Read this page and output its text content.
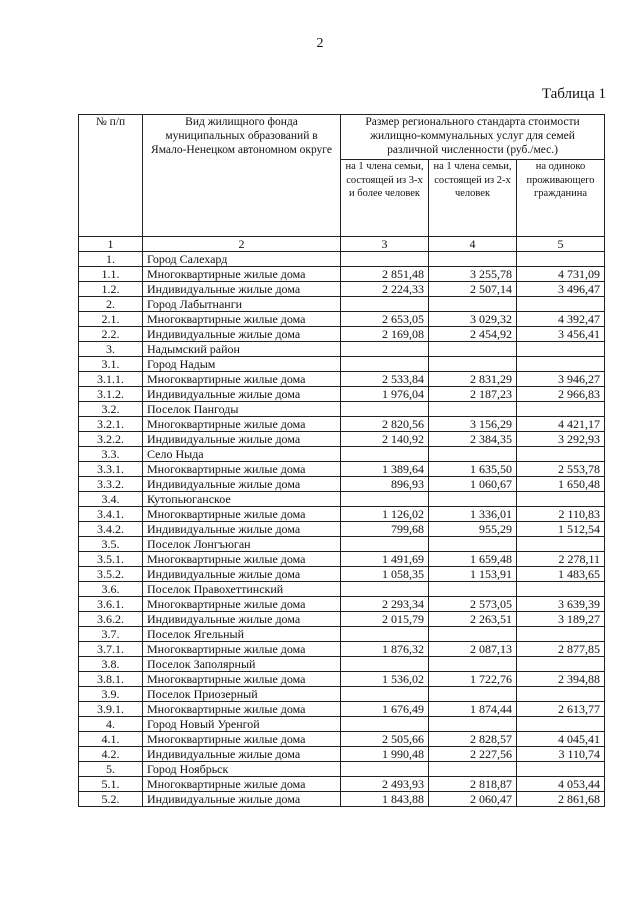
2
Таблица 1
№ п/п	Вид жилищного фонда муниципальных образований в Ямало-Ненецком автономном округе	Размер регионального стандарта стоимости жилищно-коммунальных услуг для семей различной численности (руб./мес.)		
		на 1 члена семьи, состоящей из 3-х и более человек	на 1 члена семьи, состоящей из 2-х человек	на одиноко проживающего гражданина
1	2	3	4	5
1.	Город Салехард			
1.1.	Многоквартирные жилые дома	2 851,48	3 255,78	4 731,09
1.2.	Индивидуальные жилые дома	2 224,33	2 507,14	3 496,47
2.	Город Лабытнанги			
2.1.	Многоквартирные жилые дома	2 653,05	3 029,32	4 392,47
2.2.	Индивидуальные жилые дома	2 169,08	2 454,92	3 456,41
3.	Надымский район			
3.1.	Город Надым			
3.1.1.	Многоквартирные жилые дома	2 533,84	2 831,29	3 946,27
3.1.2.	Индивидуальные жилые дома	1 976,04	2 187,23	2 966,83
3.2.	Поселок Пангоды			
3.2.1.	Многоквартирные жилые дома	2 820,56	3 156,29	4 421,17
3.2.2.	Индивидуальные жилые дома	2 140,92	2 384,35	3 292,93
3.3.	Село Ныда			
3.3.1.	Многоквартирные жилые дома	1 389,64	1 635,50	2 553,78
3.3.2.	Индивидуальные жилые дома	896,93	1 060,67	1 650,48
3.4.	Кутопьюганское			
3.4.1.	Многоквартирные жилые дома	1 126,02	1 336,01	2 110,83
3.4.2.	Индивидуальные жилые дома	799,68	955,29	1 512,54
3.5.	Поселок Лонгъюган			
3.5.1.	Многоквартирные жилые дома	1 491,69	1 659,48	2 278,11
3.5.2.	Индивидуальные жилые дома	1 058,35	1 153,91	1 483,65
3.6.	Поселок Правохеттинский			
3.6.1.	Многоквартирные жилые дома	2 293,34	2 573,05	3 639,39
3.6.2.	Индивидуальные жилые дома	2 015,79	2 263,51	3 189,27
3.7.	Поселок Ягельный			
3.7.1.	Многоквартирные жилые дома	1 876,32	2 087,13	2 877,85
3.8.	Поселок Заполярный			
3.8.1.	Многоквартирные жилые дома	1 536,02	1 722,76	2 394,88
3.9.	Поселок Приозерный			
3.9.1.	Многоквартирные жилые дома	1 676,49	1 874,44	2 613,77
4.	Город Новый Уренгой			
4.1.	Многоквартирные жилые дома	2 505,66	2 828,57	4 045,41
4.2.	Индивидуальные жилые дома	1 990,48	2 227,56	3 110,74
5.	Город Ноябрьск			
5.1.	Многоквартирные жилые дома	2 493,93	2 818,87	4 053,44
5.2.	Индивидуальные жилые дома	1 843,88	2 060,47	2 861,68
